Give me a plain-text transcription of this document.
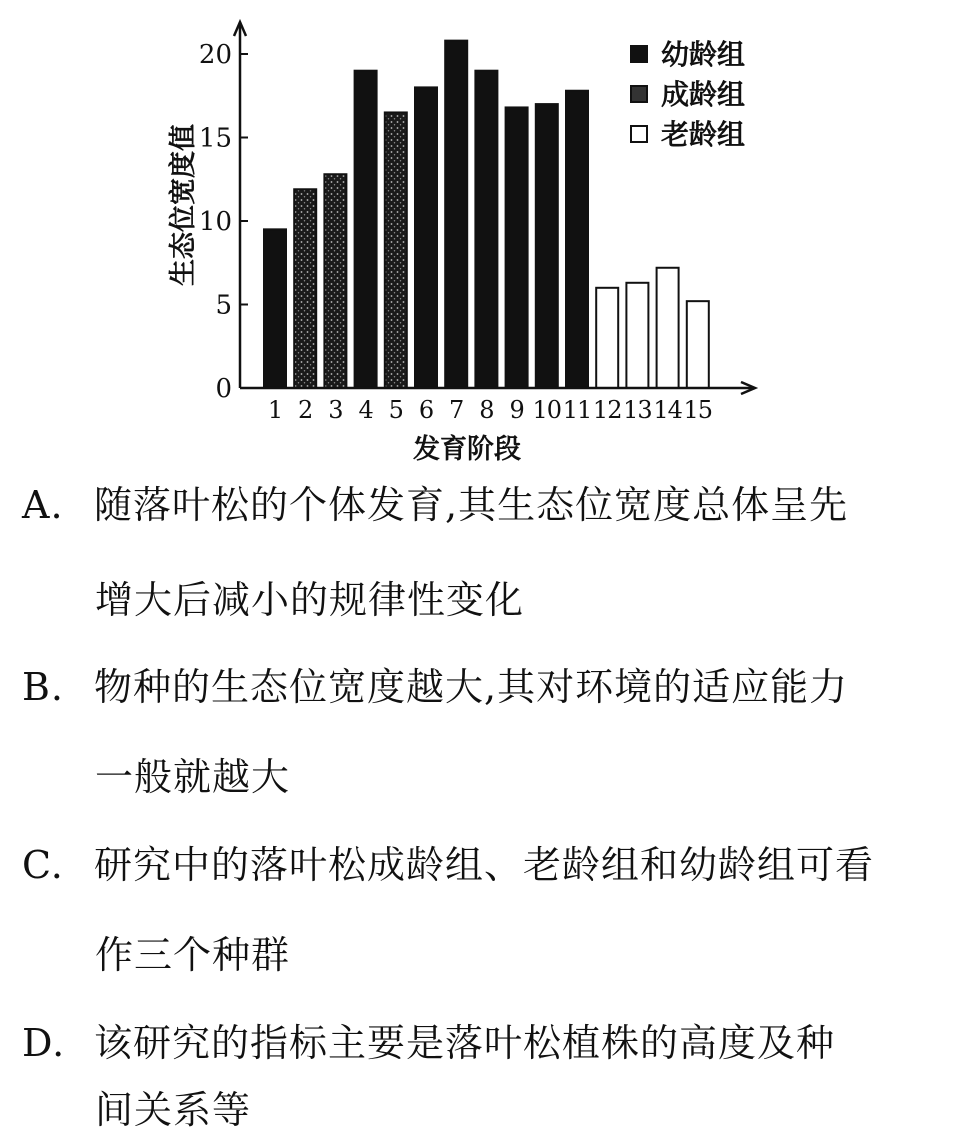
0
5
10
15
20
生态位宽度值
1 2 3 4 5 6 7 8 9 10 11 12 13 14 15
发育阶段
幼龄组
成龄组
老龄组
A. 随落叶松的个体发育,其生态位宽度总体呈先
增大后减小的规律性变化
B. 物种的生态位宽度越大,其对环境的适应能力
一般就越大
C. 研究中的落叶松成龄组、老龄组和幼龄组可看
作三个种群
D. 该研究的指标主要是落叶松植株的高度及种
间关系等
